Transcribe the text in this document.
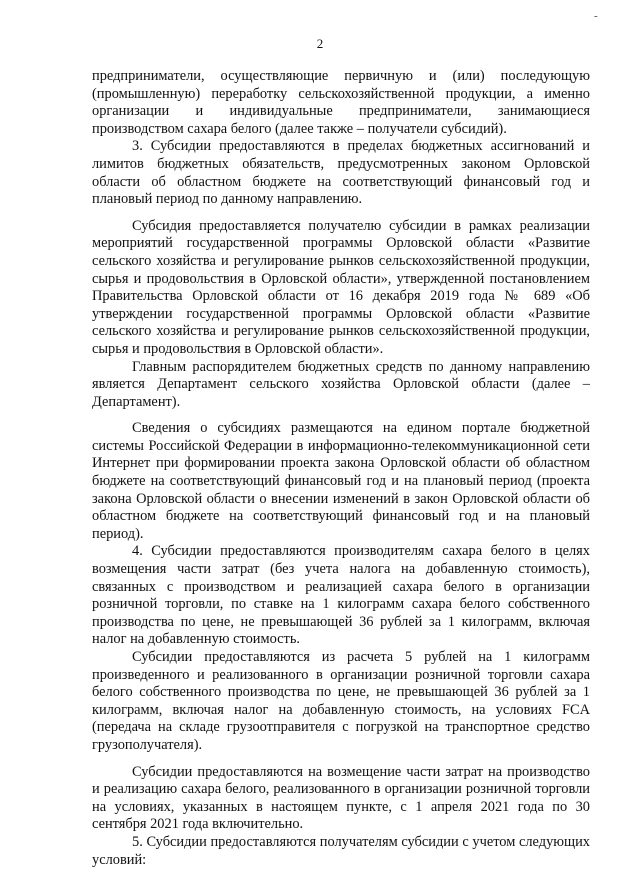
2
-

предприниматели, осуществляющие первичную и (или) последующую (промышленную) переработку сельскохозяйственной продукции, а именно организации и индивидуальные предприниматели, занимающиеся производством сахара белого (далее также – получатели субсидий).

3. Субсидии предоставляются в пределах бюджетных ассигнований и лимитов бюджетных обязательств, предусмотренных законом Орловской области об областном бюджете на соответствующий финансовый год и плановый период по данному направлению.

Субсидия предоставляется получателю субсидии в рамках реализации мероприятий государственной программы Орловской области «Развитие сельского хозяйства и регулирование рынков сельскохозяйственной продукции, сырья и продовольствия в Орловской области», утвержденной постановлением Правительства Орловской области от 16 декабря 2019 года № 689 «Об утверждении государственной программы Орловской области «Развитие сельского хозяйства и регулирование рынков сельскохозяйственной продукции, сырья и продовольствия в Орловской области».

Главным распорядителем бюджетных средств по данному направлению является Департамент сельского хозяйства Орловской области (далее – Департамент).

Сведения о субсидиях размещаются на едином портале бюджетной системы Российской Федерации в информационно-телекоммуникационной сети Интернет при формировании проекта закона Орловской области об областном бюджете на соответствующий финансовый год и на плановый период (проекта закона Орловской области о внесении изменений в закон Орловской области об областном бюджете на соответствующий финансовый год и на плановый период).

4. Субсидии предоставляются производителям сахара белого в целях возмещения части затрат (без учета налога на добавленную стоимость), связанных с производством и реализацией сахара белого в организации розничной торговли, по ставке на 1 килограмм сахара белого собственного производства по цене, не превышающей 36 рублей за 1 килограмм, включая налог на добавленную стоимость.

Субсидии предоставляются из расчета 5 рублей на 1 килограмм произведенного и реализованного в организации розничной торговли сахара белого собственного производства по цене, не превышающей 36 рублей за 1 килограмм, включая налог на добавленную стоимость, на условиях FCA (передача на складе грузоотправителя с погрузкой на транспортное средство грузополучателя).

Субсидии предоставляются на возмещение части затрат на производство и реализацию сахара белого, реализованного в организации розничной торговли на условиях, указанных в настоящем пункте, с 1 апреля 2021 года по 30 сентября 2021 года включительно.

5. Субсидии предоставляются получателям субсидии с учетом следующих условий:
